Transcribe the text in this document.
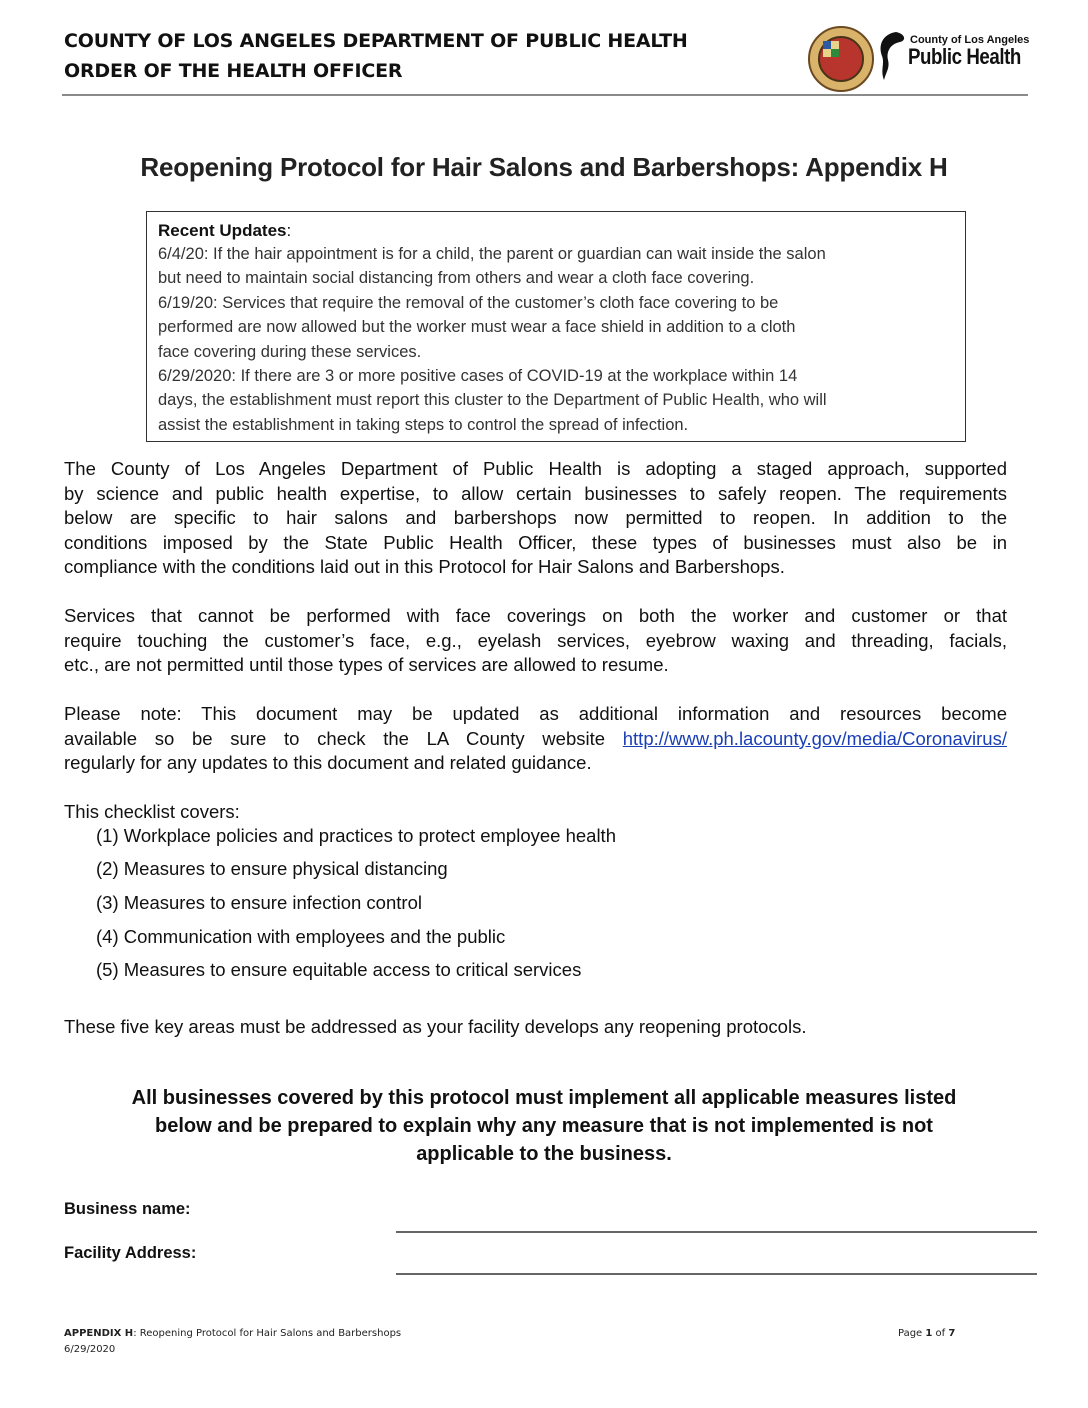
COUNTY OF LOS ANGELES DEPARTMENT OF PUBLIC HEALTH
ORDER OF THE HEALTH OFFICER
County of Los Angeles
Public Health
Reopening Protocol for Hair Salons and Barbershops: Appendix H
Recent Updates:
6/4/20: If the hair appointment is for a child, the parent or guardian can wait inside the salon
but need to maintain social distancing from others and wear a cloth face covering.
6/19/20: Services that require the removal of the customer’s cloth face covering to be
performed are now allowed but the worker must wear a face shield in addition to a cloth
face covering during these services.
6/29/2020: If there are 3 or more positive cases of COVID-19 at the workplace within 14
days, the establishment must report this cluster to the Department of Public Health, who will
assist the establishment in taking steps to control the spread of infection.
The County of Los Angeles Department of Public Health is adopting a staged approach, supported
by science and public health expertise, to allow certain businesses to safely reopen. The requirements
below are specific to hair salons and barbershops now permitted to reopen. In addition to the
conditions imposed by the State Public Health Officer, these types of businesses must also be in
compliance with the conditions laid out in this Protocol for Hair Salons and Barbershops.
Services that cannot be performed with face coverings on both the worker and customer or that
require touching the customer’s face, e.g., eyelash services, eyebrow waxing and threading, facials,
etc., are not permitted until those types of services are allowed to resume.
Please note: This document may be updated as additional information and resources become
available so be sure to check the LA County website http://www.ph.lacounty.gov/media/Coronavirus/
regularly for any updates to this document and related guidance.
This checklist covers:
(1) Workplace policies and practices to protect employee health
(2) Measures to ensure physical distancing
(3) Measures to ensure infection control
(4) Communication with employees and the public
(5) Measures to ensure equitable access to critical services
These five key areas must be addressed as your facility develops any reopening protocols.
All businesses covered by this protocol must implement all applicable measures listed
below and be prepared to explain why any measure that is not implemented is not
applicable to the business.
Business name:
Facility Address:
APPENDIX H: Reopening Protocol for Hair Salons and Barbershops
6/29/2020
Page 1 of 7
